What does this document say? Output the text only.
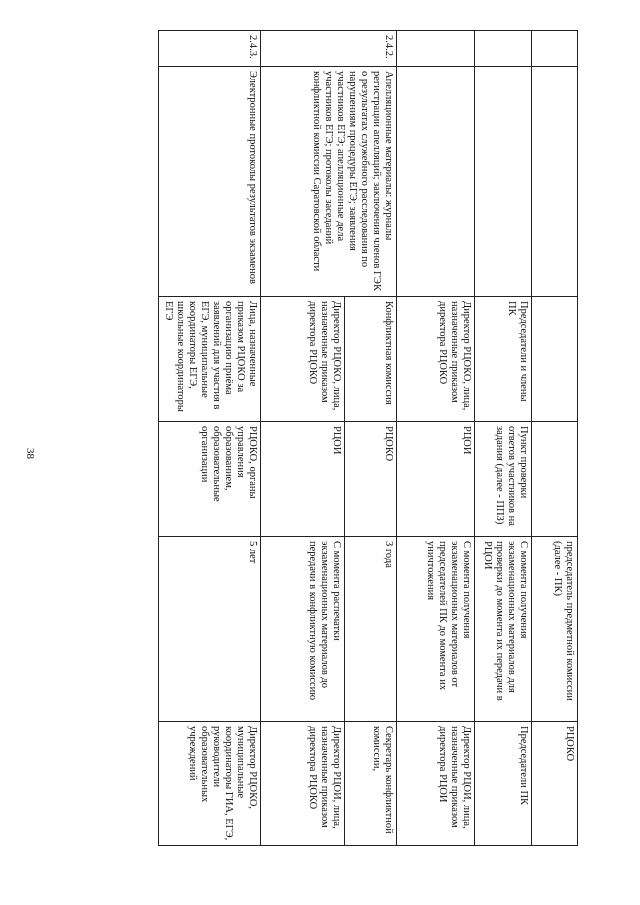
38
				председатель предметной комиссии (далее - ПК)	РЦОКО
		Председатели и члены ПК	Пункт проверки ответов участников на задания (далее - ППЗ)	С момента получения экзаменационных материалов для проверки до момента их передачи в РЦОИ	Председатели ПК
		Директор РЦОКО, лица, назначенные приказом директора РЦОКО	РЦОИ	С момента получения экзаменационных материалов от председателей ПК до момента их уничтожения	Директор РЦОИ, лица, назначенные приказом директора РЦОИ
2.4.2.	Апелляционные материалы: журналы регистрации апелляций; заключения членов ГЭК о результатах служебного расследования по нарушениям процедуры ЕГЭ; заявления участников ЕГЭ; апелляционные дела участников ЕГЭ; протоколы заседаний конфликтной комиссии Саратовской области	Конфликтная комиссия	РЦОКО	3 года	Секретарь конфликтной комиссии,
		Директор РЦОКО, лица, назначенные приказом директора РЦОКО	РЦОИ	С момента распечатки экзаменационных материалов до передачи в конфликтную комиссию	Директор РЦОИ, лица, назначенные приказом директора РЦОКО
2.4.3.	Электронные протоколы результатов экзаменов	Лица, назначенные приказом РЦОКО за организацию приёма заявлений для участия в ЕГЭ, муниципальные координаторы ЕГЭ, школьные координаторы ЕГЭ	РЦОКО, органы управления образованием, образовательные организации	5 лет	Директор РЦОКО, муниципальные координаторы ГИА, ЕГЭ, руководители образовательных учреждений
